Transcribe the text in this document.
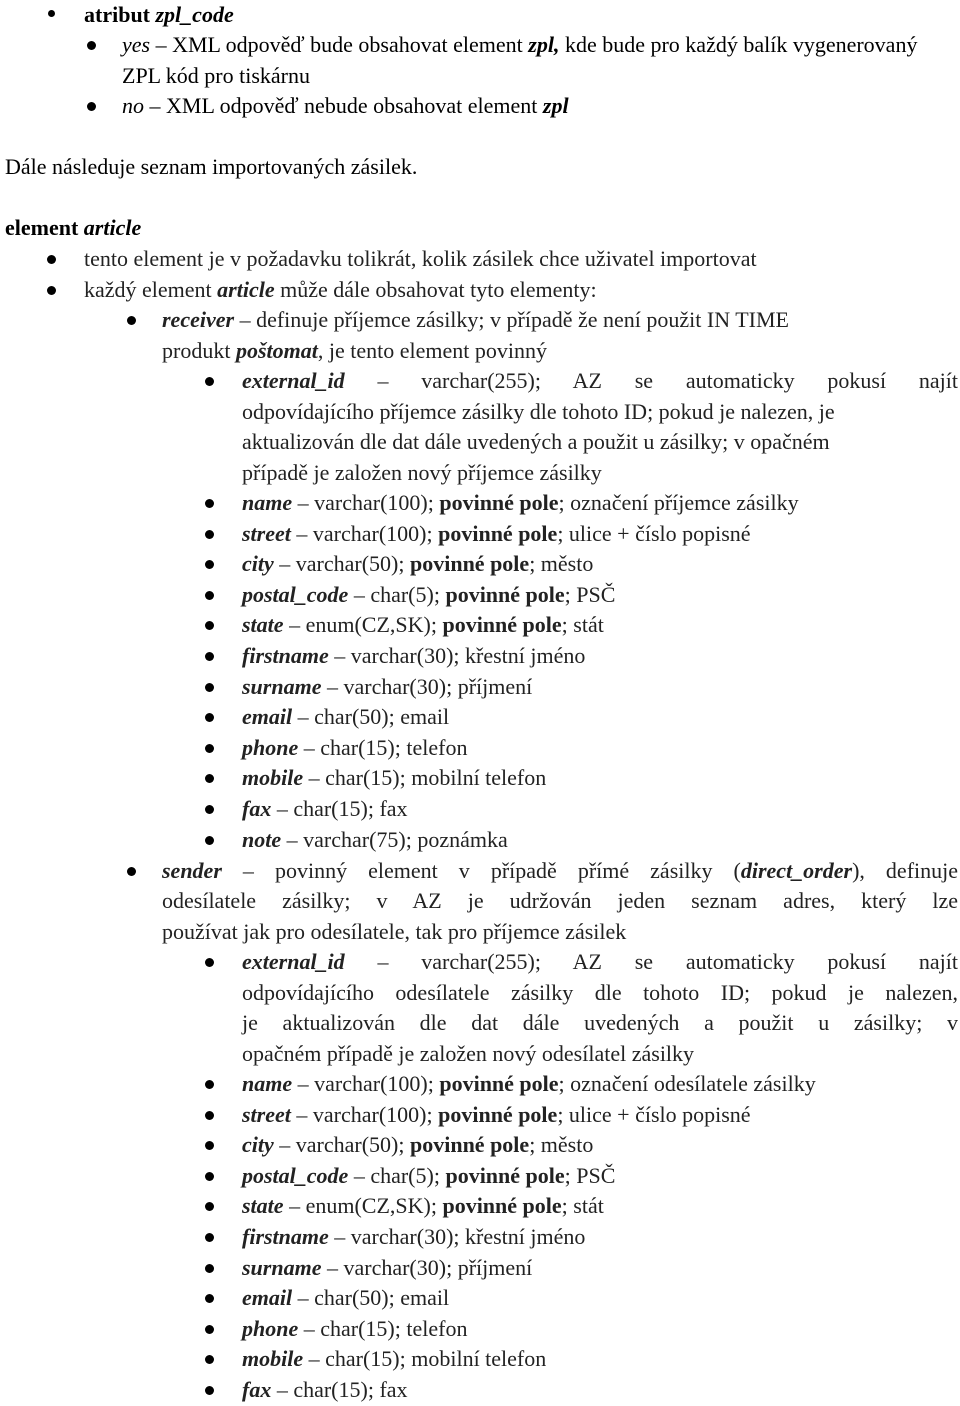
atribut zpl_code
yes – XML odpověď bude obsahovat element zpl, kde bude pro každý balík vygenerovaný ZPL kód pro tiskárnu
no – XML odpověď nebude obsahovat element zpl
Dále následuje seznam importovaných zásilek.
element article
tento element je v požadavku tolikrát, kolik zásilek chce uživatel importovat
každý element article může dále obsahovat tyto elementy:
receiver – definuje příjemce zásilky; v případě že není použit IN TIME
produkt poštomat, je tento element povinný
external_id – varchar(255); AZ se automaticky pokusí najít
odpovídajícího příjemce zásilky dle tohoto ID; pokud je nalezen, je
aktualizován dle dat dále uvedených a použit u zásilky; v opačném
případě je založen nový příjemce zásilky
name – varchar(100); povinné pole; označení příjemce zásilky
street – varchar(100); povinné pole; ulice + číslo popisné
city – varchar(50); povinné pole; město
postal_code – char(5); povinné pole; PSČ
state – enum(CZ,SK); povinné pole; stát
firstname – varchar(30); křestní jméno
surname – varchar(30); příjmení
email – char(50); email
phone – char(15); telefon
mobile – char(15); mobilní telefon
fax – char(15); fax
note – varchar(75); poznámka
sender – povinný element v případě přímé zásilky (direct_order), definuje
odesílatele zásilky; v AZ je udržován jeden seznam adres, který lze
používat jak pro odesílatele, tak pro příjemce zásilek
external_id – varchar(255); AZ se automaticky pokusí najít
odpovídajícího odesílatele zásilky dle tohoto ID; pokud je nalezen,
je aktualizován dle dat dále uvedených a použit u zásilky; v
opačném případě je založen nový odesílatel zásilky
name – varchar(100); povinné pole; označení odesílatele zásilky
street – varchar(100); povinné pole; ulice + číslo popisné
city – varchar(50); povinné pole; město
postal_code – char(5); povinné pole; PSČ
state – enum(CZ,SK); povinné pole; stát
firstname – varchar(30); křestní jméno
surname – varchar(30); příjmení
email – char(50); email
phone – char(15); telefon
mobile – char(15); mobilní telefon
fax – char(15); fax
